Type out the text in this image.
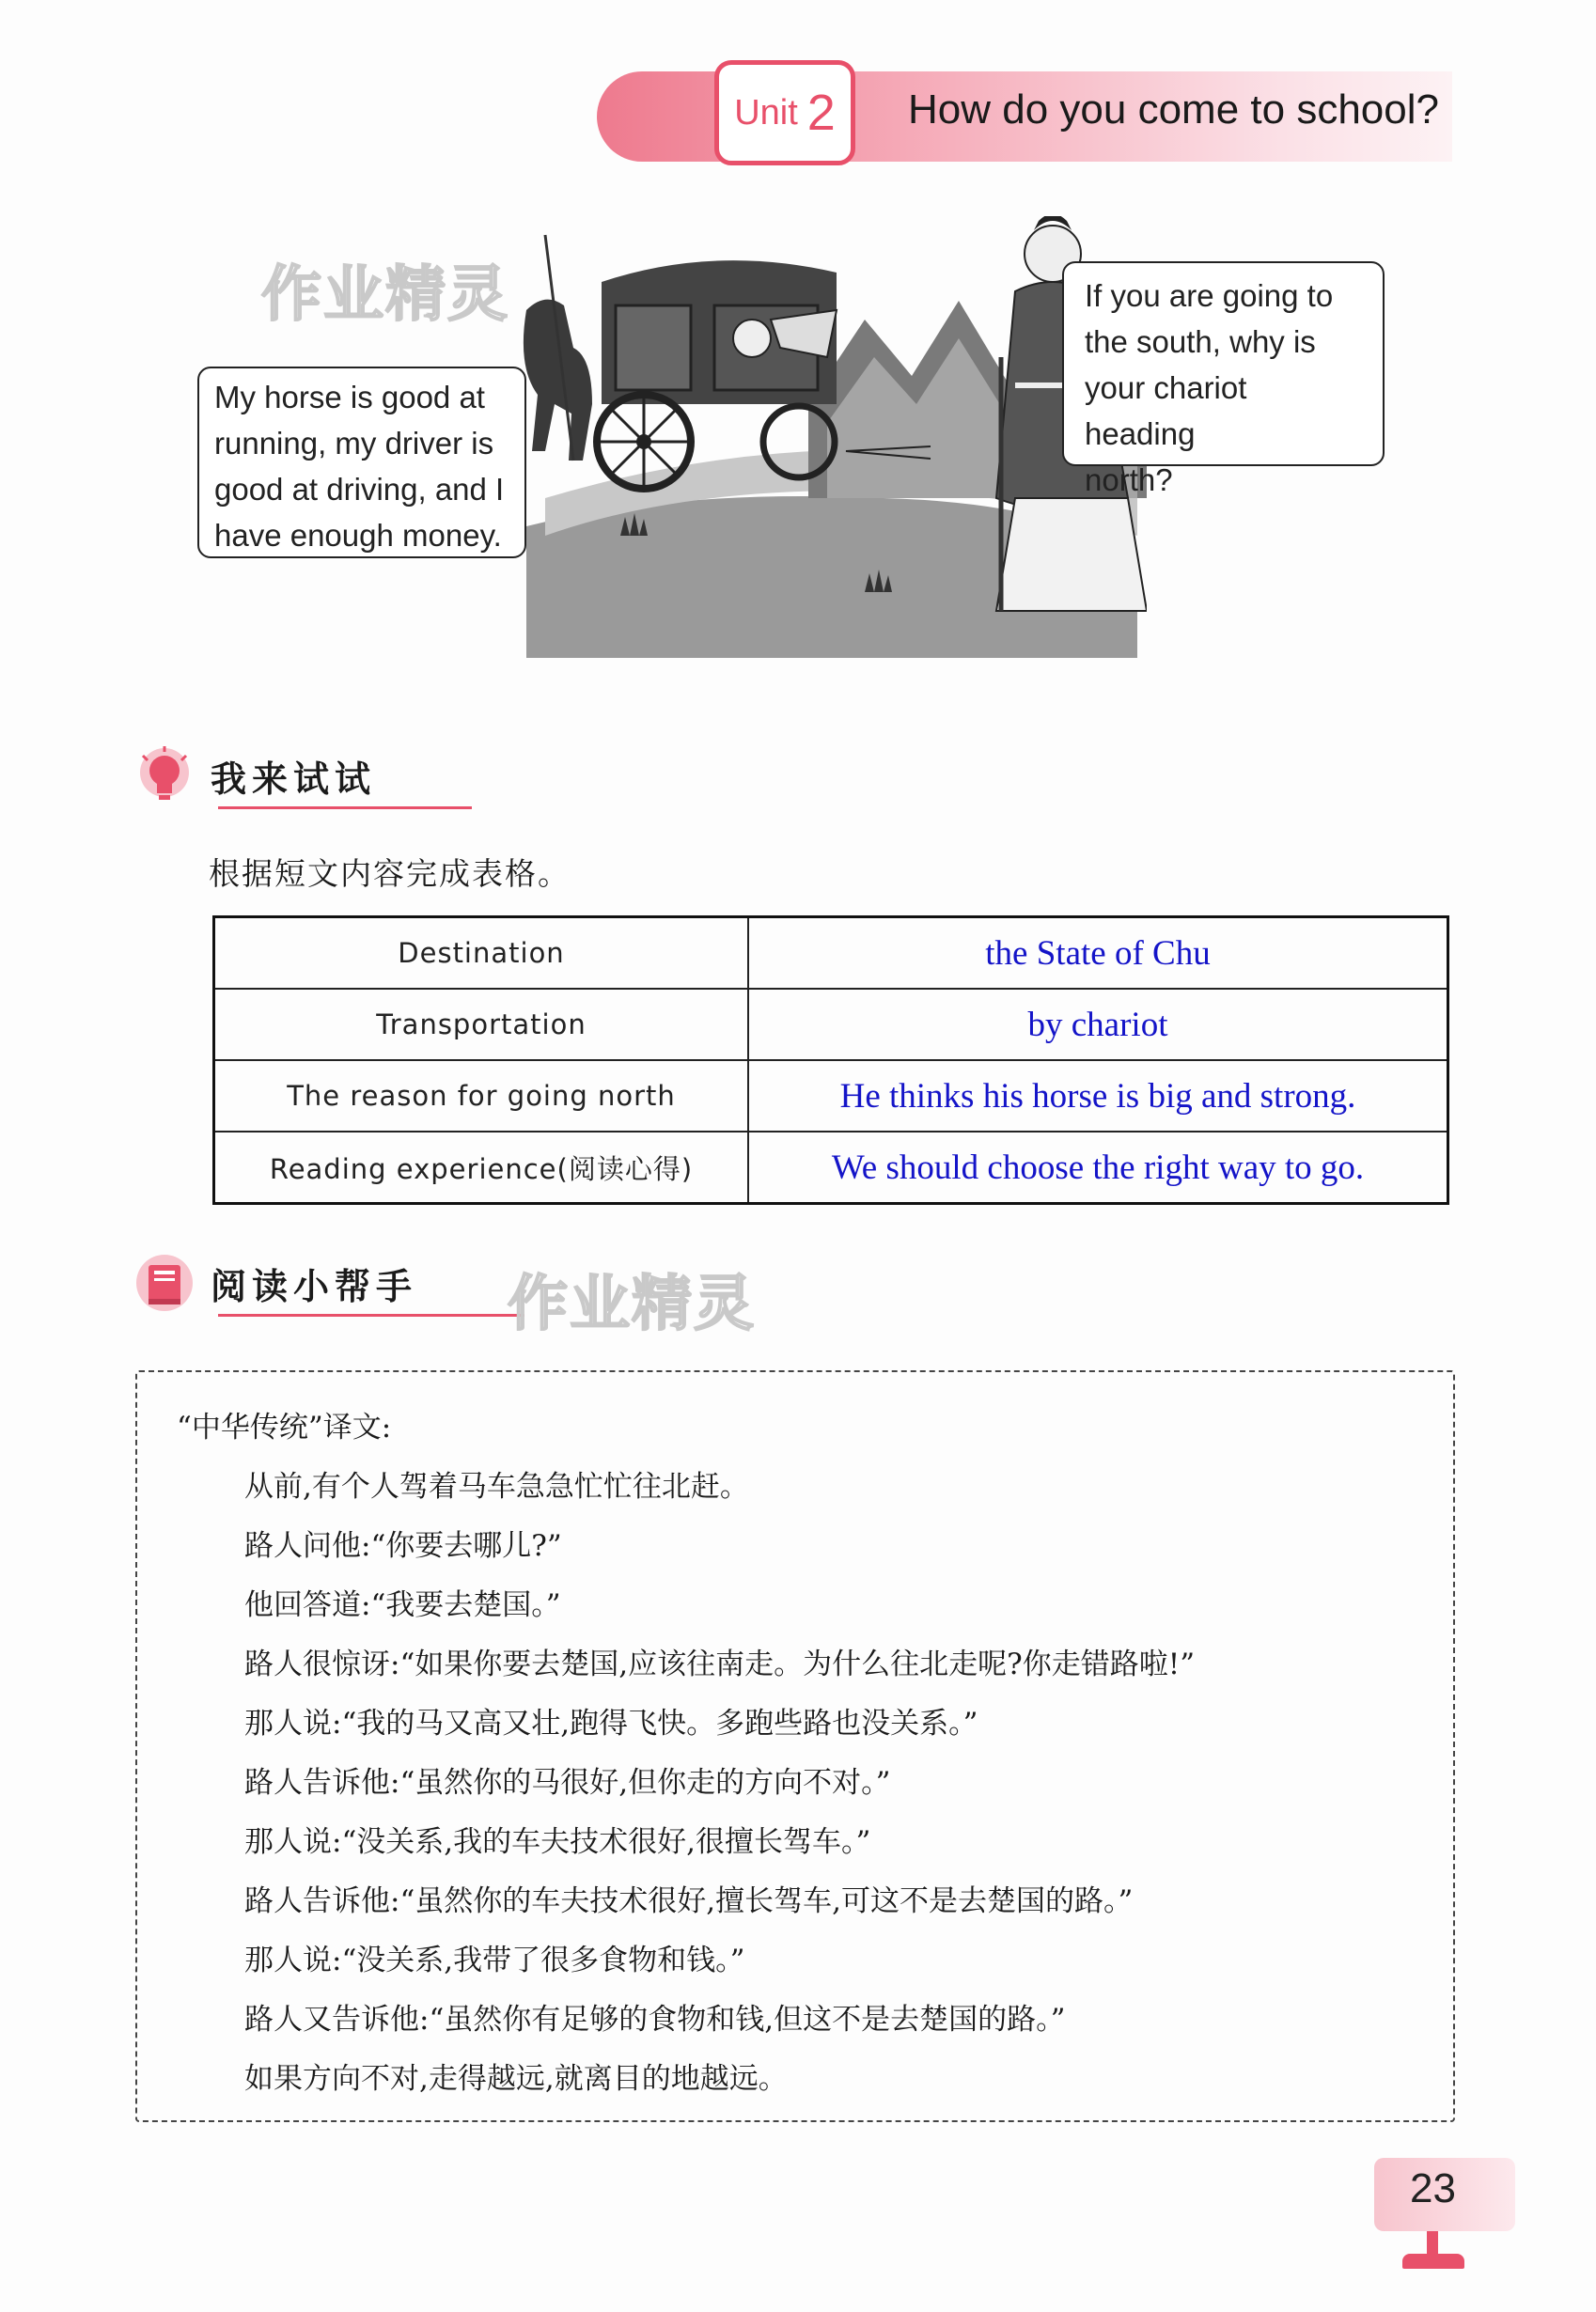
Unit 2 How do you come to school?
作业精灵
My horse is good at
running, my driver is
good at driving, and I
have enough money.
If you are going to
the south, why is
your chariot heading
north?
我来试试
根据短文内容完成表格。
Destination	the State of Chu
Transportation	by chariot
The reason for going north	He thinks his horse is big and strong.
Reading experience(阅读心得)	We should choose the right way to go.
阅读小帮手 作业精灵
“中华传统”译文:
从前,有个人驾着马车急急忙忙往北赶。
路人问他:“你要去哪儿?”
他回答道:“我要去楚国。”
路人很惊讶:“如果你要去楚国,应该往南走。为什么往北走呢?你走错路啦!”
那人说:“我的马又高又壮,跑得飞快。多跑些路也没关系。”
路人告诉他:“虽然你的马很好,但你走的方向不对。”
那人说:“没关系,我的车夫技术很好,很擅长驾车。”
路人告诉他:“虽然你的车夫技术很好,擅长驾车,可这不是去楚国的路。”
那人说:“没关系,我带了很多食物和钱。”
路人又告诉他:“虽然你有足够的食物和钱,但这不是去楚国的路。”
如果方向不对,走得越远,就离目的地越远。
23
